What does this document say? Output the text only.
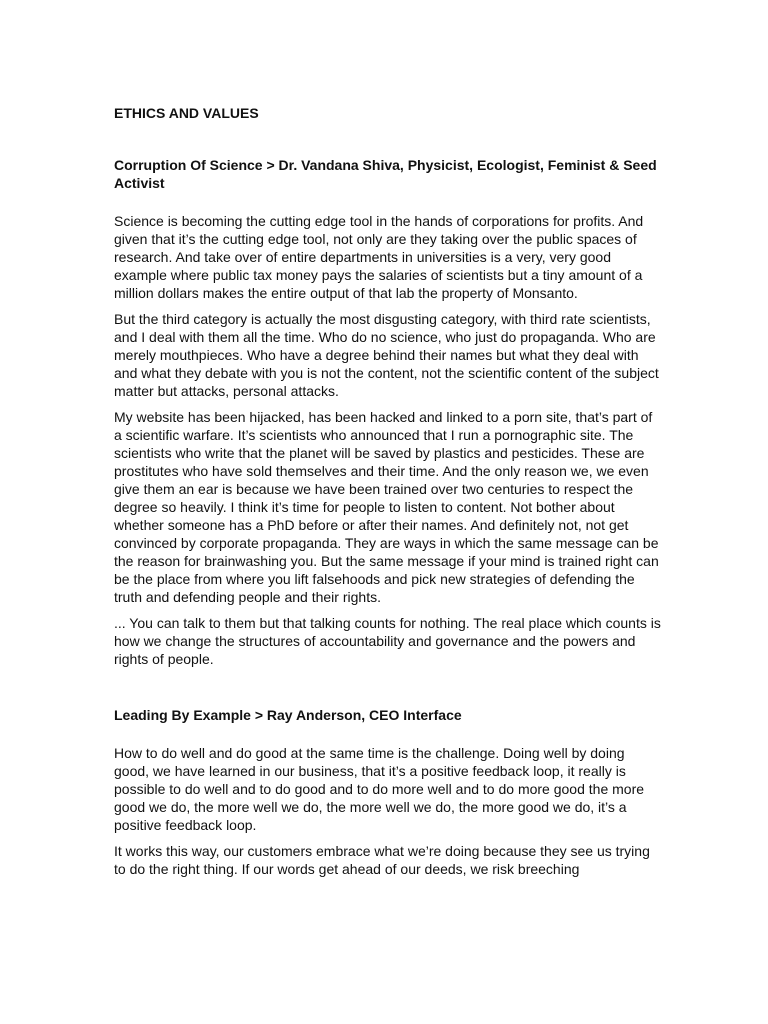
ETHICS AND VALUES
Corruption Of Science > Dr. Vandana Shiva, Physicist, Ecologist, Feminist & Seed Activist

Science is becoming the cutting edge tool in the hands of corporations for profits. And given that it’s the cutting edge tool, not only are they taking over the public spaces of research. And take over of entire departments in universities is a very, very good example where public tax money pays the salaries of scientists but a tiny amount of a million dollars makes the entire output of that lab the property of Monsanto.

But the third category is actually the most disgusting category, with third rate scientists, and I deal with them all the time. Who do no science, who just do propaganda. Who are merely mouthpieces. Who have a degree behind their names but what they deal with and what they debate with you is not the content, not the scientific content of the subject matter but attacks, personal attacks.

My website has been hijacked, has been hacked and linked to a porn site, that’s part of a scientific warfare. It’s scientists who announced that I run a pornographic site. The scientists who write that the planet will be saved by plastics and pesticides. These are prostitutes who have sold themselves and their time. And the only reason we, we even give them an ear is because we have been trained over two centuries to respect the degree so heavily. I think it’s time for people to listen to content. Not bother about whether someone has a PhD before or after their names. And definitely not, not get convinced by corporate propaganda. They are ways in which the same message can be the reason for brainwashing you. But the same message if your mind is trained right can be the place from where you lift falsehoods and pick new strategies of defending the truth and defending people and their rights.

... You can talk to them but that talking counts for nothing. The real place which counts is how we change the structures of accountability and governance and the powers and rights of people.

Leading By Example > Ray Anderson, CEO Interface

How to do well and do good at the same time is the challenge. Doing well by doing good, we have learned in our business, that it’s a positive feedback loop, it really is possible to do well and to do good and to do more well and to do more good the more good we do, the more well we do, the more well we do, the more good we do, it’s a positive feedback loop.

It works this way, our customers embrace what we’re doing because they see us trying to do the right thing. If our words get ahead of our deeds, we risk breeching
